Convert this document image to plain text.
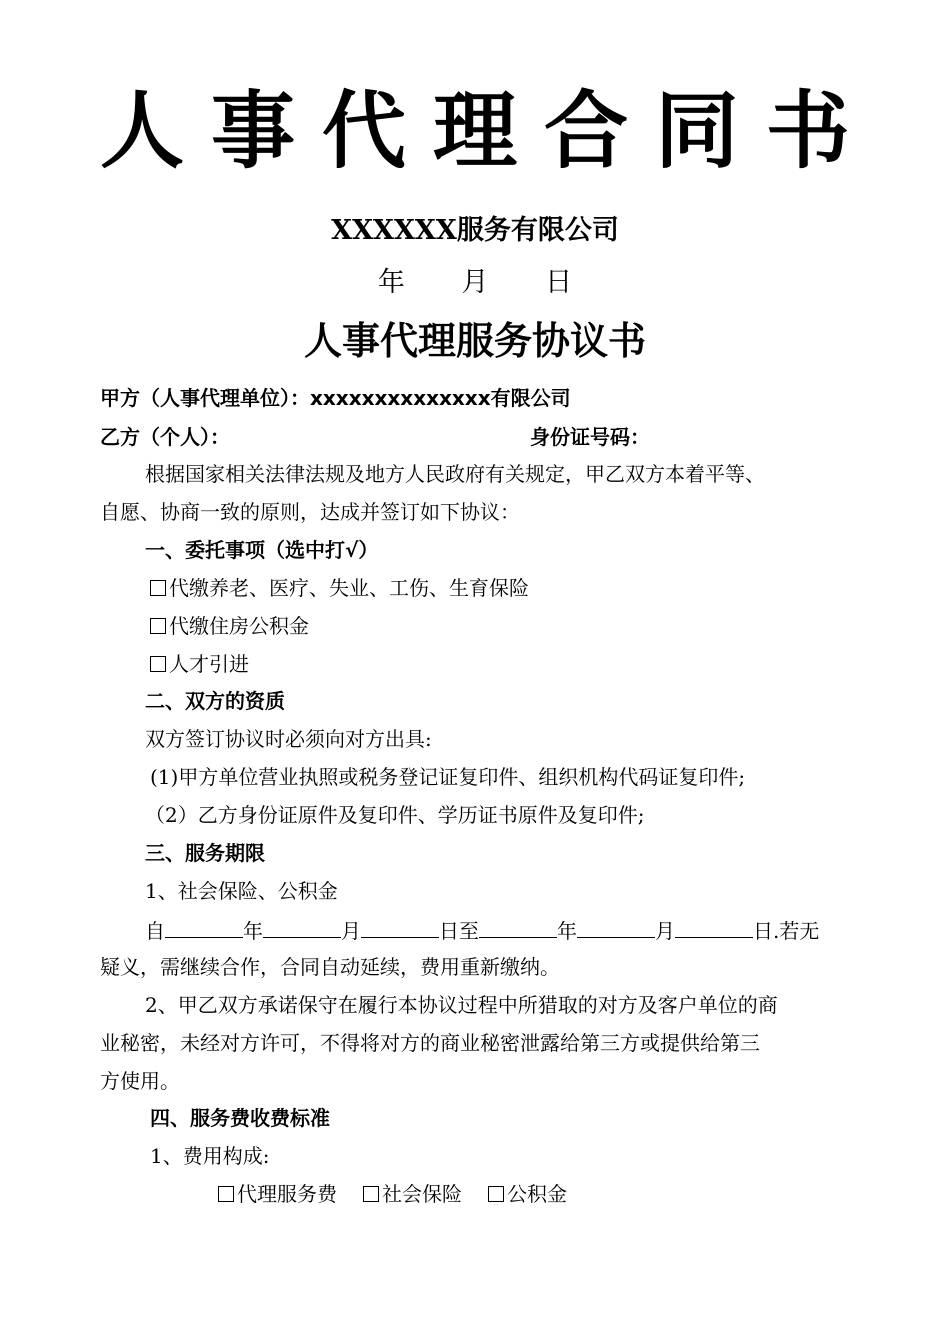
人 事 代 理 合 同 书
XXXXXX服务有限公司
年 月 日
人事代理服务协议书
甲方（人事代理单位）：xxxxxxxxxxxxxx有限公司
乙方（个人）：	身份证号码：
根据国家相关法律法规及地方人民政府有关规定，甲乙双方本着平等、
自愿、协商一致的原则，达成并签订如下协议：
一、委托事项（选中打√）
代缴养老、医疗、失业、工伤、生育保险
代缴住房公积金
人才引进
二、双方的资质
双方签订协议时必须向对方出具:
(1)甲方单位营业执照或税务登记证复印件、组织机构代码证复印件;
（2）乙方身份证原件及复印件、学历证书原件及复印件;
三、服务期限
1、社会保险、公积金
自	年	月	日至	年	月	日.若无
疑义，需继续合作，合同自动延续，费用重新缴纳。
2、甲乙双方承诺保守在履行本协议过程中所猎取的对方及客户单位的商
业秘密，未经对方许可，不得将对方的商业秘密泄露给第三方或提供给第三
方使用。
四、服务费收费标准
1、费用构成:
代理服务费 社会保险 公积金
